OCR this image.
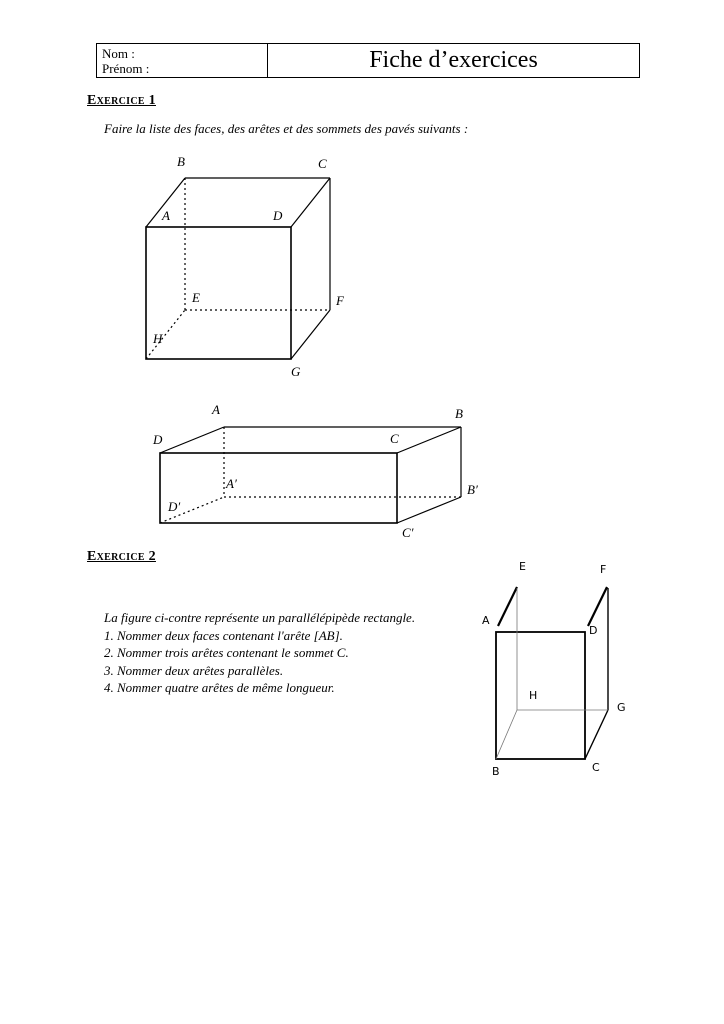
Nom :
Prénom :	Fiche d’exercices
Exercice 1
Faire la liste des faces, des arêtes et des sommets des pavés suivants :
Exercice 2
La figure ci-contre représente un parallélépipède rectangle.
1. Nommer deux faces contenant l'arête [AB].
2. Nommer trois arêtes contenant le sommet C.
3. Nommer deux arêtes parallèles.
4. Nommer quatre arêtes de même longueur.
B	C
A	D
E	F
H
G
A	B
D	C
A′	B′
D′
C′
E	F
A
D
H
G
B	C
